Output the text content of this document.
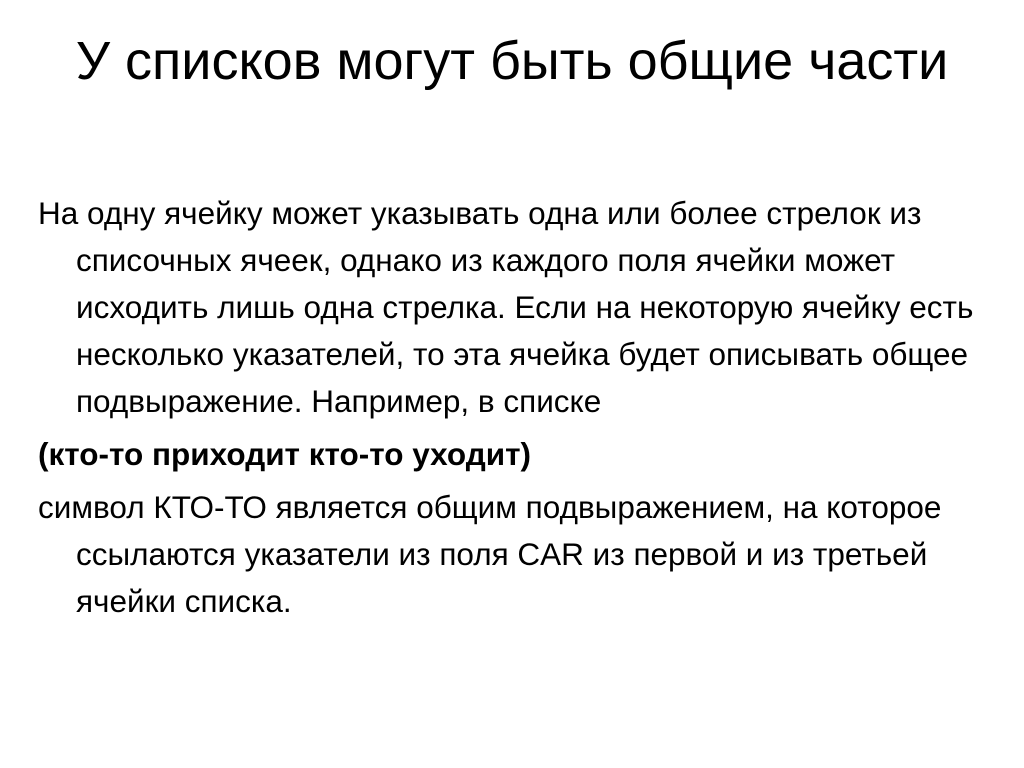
У списков могут быть общие части

На одну ячейку может указывать одна или более стрелок из списочных ячеек, однако из каждого поля ячейки может исходить лишь одна стрелка. Если на некоторую ячейку есть несколько указателей, то эта ячейка будет описывать общее подвыражение. Например, в списке

(кто-то приходит кто-то уходит)

символ КТО-ТО является общим подвыражением, на которое ссылаются указатели из поля CAR из первой и из третьей ячейки списка.
